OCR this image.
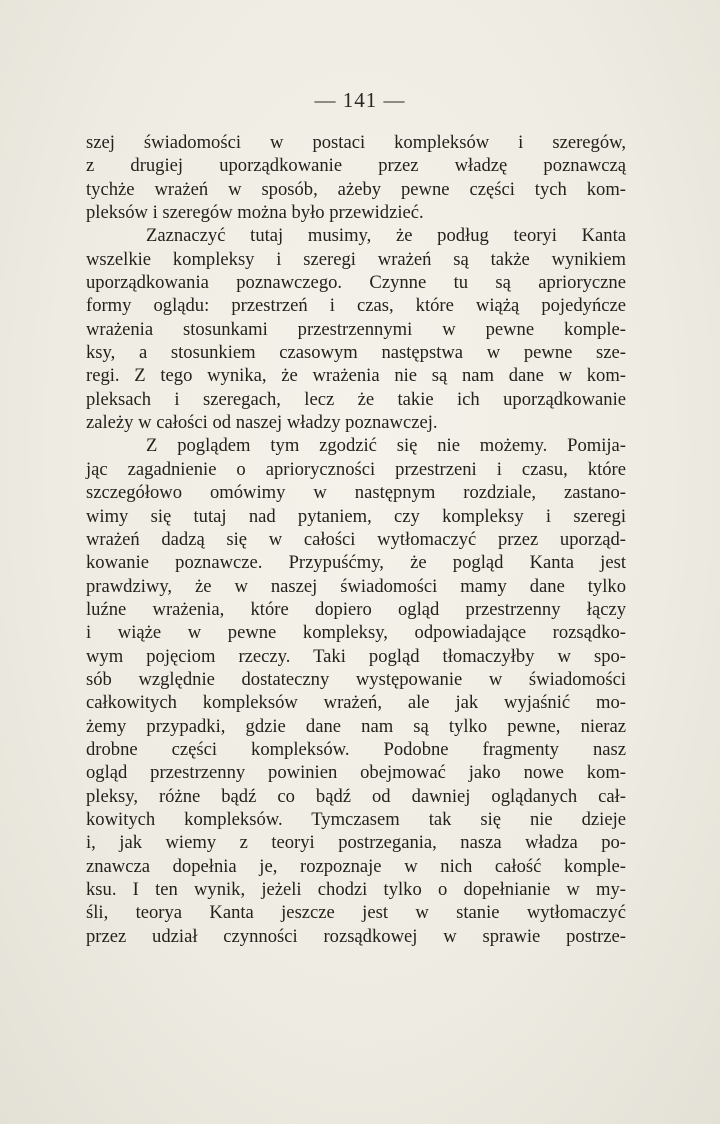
— 141 —
szej świadomości w postaci kompleksów i szeregów,
z drugiej uporządkowanie przez władzę poznawczą
tychże wrażeń w sposób, ażeby pewne części tych kom-
pleksów i szeregów można było przewidzieć.
Zaznaczyć tutaj musimy, że podług teoryi Kanta
wszelkie kompleksy i szeregi wrażeń są także wynikiem
uporządkowania poznawczego. Czynne tu są aprioryczne
formy oglądu: przestrzeń i czas, które wiążą pojedyńcze
wrażenia stosunkami przestrzennymi w pewne komple-
ksy, a stosunkiem czasowym następstwa w pewne sze-
regi. Z tego wynika, że wrażenia nie są nam dane w kom-
pleksach i szeregach, lecz że takie ich uporządkowanie
zależy w całości od naszej władzy poznawczej.
Z poglądem tym zgodzić się nie możemy. Pomija-
jąc zagadnienie o aprioryczności przestrzeni i czasu, które
szczegółowo omówimy w następnym rozdziale, zastano-
wimy się tutaj nad pytaniem, czy kompleksy i szeregi
wrażeń dadzą się w całości wytłomaczyć przez uporząd-
kowanie poznawcze. Przypuśćmy, że pogląd Kanta jest
prawdziwy, że w naszej świadomości mamy dane tylko
luźne wrażenia, które dopiero ogląd przestrzenny łączy
i wiąże w pewne kompleksy, odpowiadające rozsądko-
wym pojęciom rzeczy. Taki pogląd tłomaczyłby w spo-
sób względnie dostateczny występowanie w świadomości
całkowitych kompleksów wrażeń, ale jak wyjaśnić mo-
żemy przypadki, gdzie dane nam są tylko pewne, nieraz
drobne części kompleksów. Podobne fragmenty nasz
ogląd przestrzenny powinien obejmować jako nowe kom-
pleksy, różne bądź co bądź od dawniej oglądanych cał-
kowitych kompleksów. Tymczasem tak się nie dzieje
i, jak wiemy z teoryi postrzegania, nasza władza po-
znawcza dopełnia je, rozpoznaje w nich całość komple-
ksu. I ten wynik, jeżeli chodzi tylko o dopełnianie w my-
śli, teorya Kanta jeszcze jest w stanie wytłomaczyć
przez udział czynności rozsądkowej w sprawie postrze-
